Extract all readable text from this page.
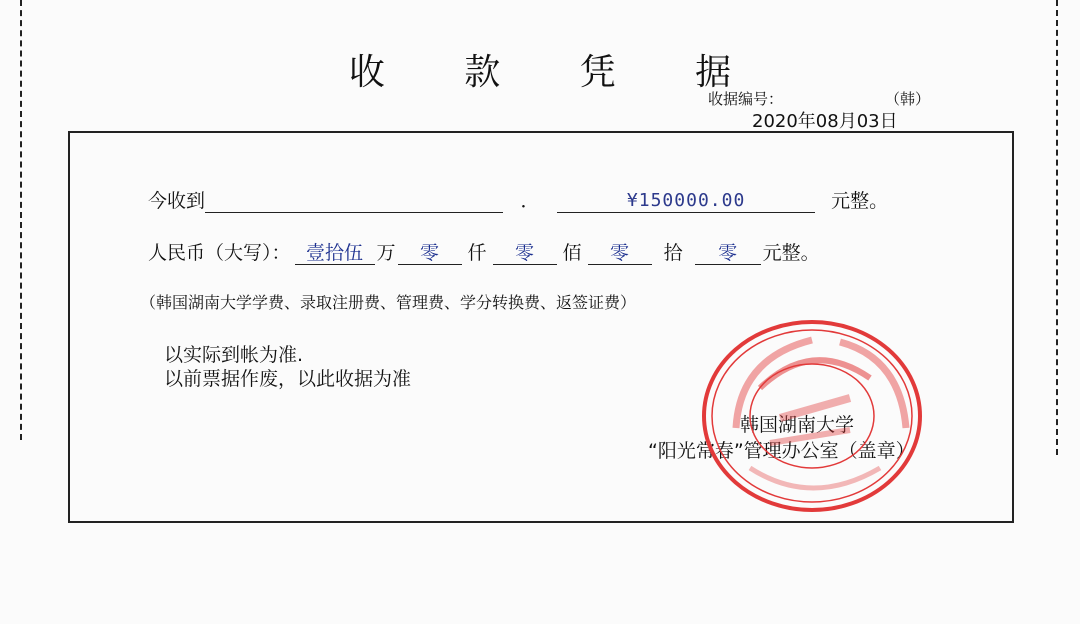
收 款 凭 据
收据编号：	（韩）
2020年08月03日
今收到	．	¥150000.00	元整。
人民币（大写）： 壹拾伍 万 零 仟 零 佰 零 拾 零 元整。
（韩国湖南大学学费、录取注册费、管理费、学分转换费、返签证费）
以实际到帐为准.
以前票据作废，以此收据为准
韩国湖南大学
“阳光常春”管理办公室（盖章）
